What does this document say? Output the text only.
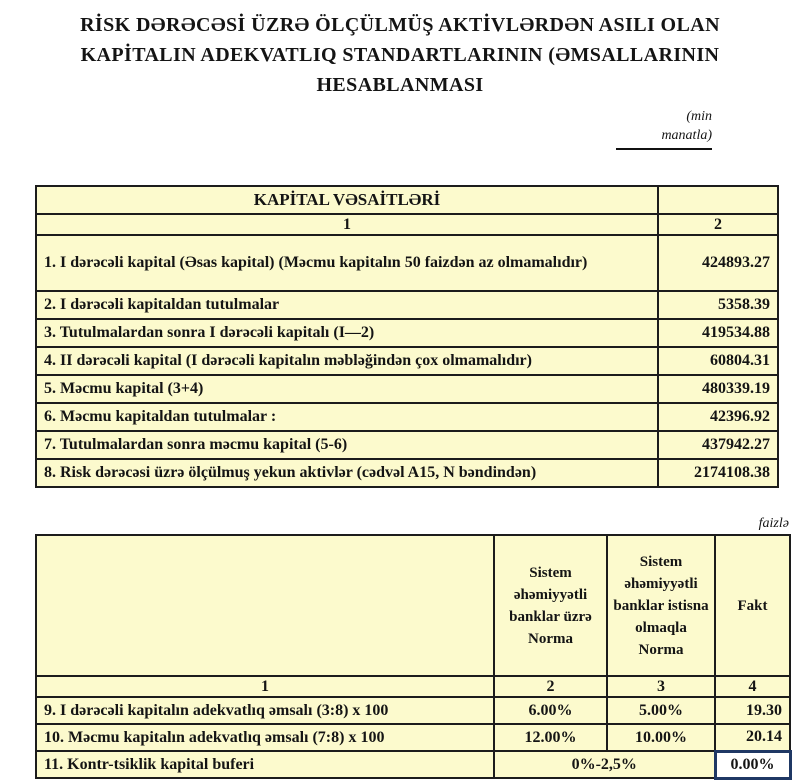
RİSK DƏRƏCƏSİ ÜZRƏ ÖLÇÜLMÜŞ AKTİVLƏRDƏN ASILI OLAN
KAPİTALIN ADEKVATLIQ STANDARTLARININ (ƏMSALLARININ
HESABLANMASI
(min
manatla)
KAPİTAL VƏSAİTLƏRİ	
1	2
1. I dərəcəli kapital (Əsas kapital) (Məcmu kapitalın 50 faizdən az olmamalıdır)	424893.27
2. I dərəcəli kapitaldan tutulmalar	5358.39
3. Tutulmalardan sonra I dərəcəli kapitalı (I—2)	419534.88
4. II dərəcəli kapital (I dərəcəli kapitalın məbləğindən çox olmamalıdır)	60804.31
5. Məcmu kapital (3+4)	480339.19
6. Məcmu kapitaldan tutulmalar :	42396.92
7. Tutulmalardan sonra məcmu kapital (5-6)	437942.27
8. Risk dərəcəsi üzrə ölçülmuş yekun aktivlər (cədvəl A15, N bəndindən)	2174108.38
faizlə
	Sistem əhəmiyyətli banklar üzrə Norma	Sistem əhəmiyyətli banklar istisna olmaqla Norma	Fakt
1	2	3	4
9. I dərəcəli kapitalın adekvatlıq əmsalı (3:8) x 100	6.00%	5.00%	19.30
10. Məcmu kapitalın adekvatlıq əmsalı (7:8) x 100	12.00%	10.00%	20.14
11. Kontr-tsiklik kapital buferi	0%-2,5%		0.00%
